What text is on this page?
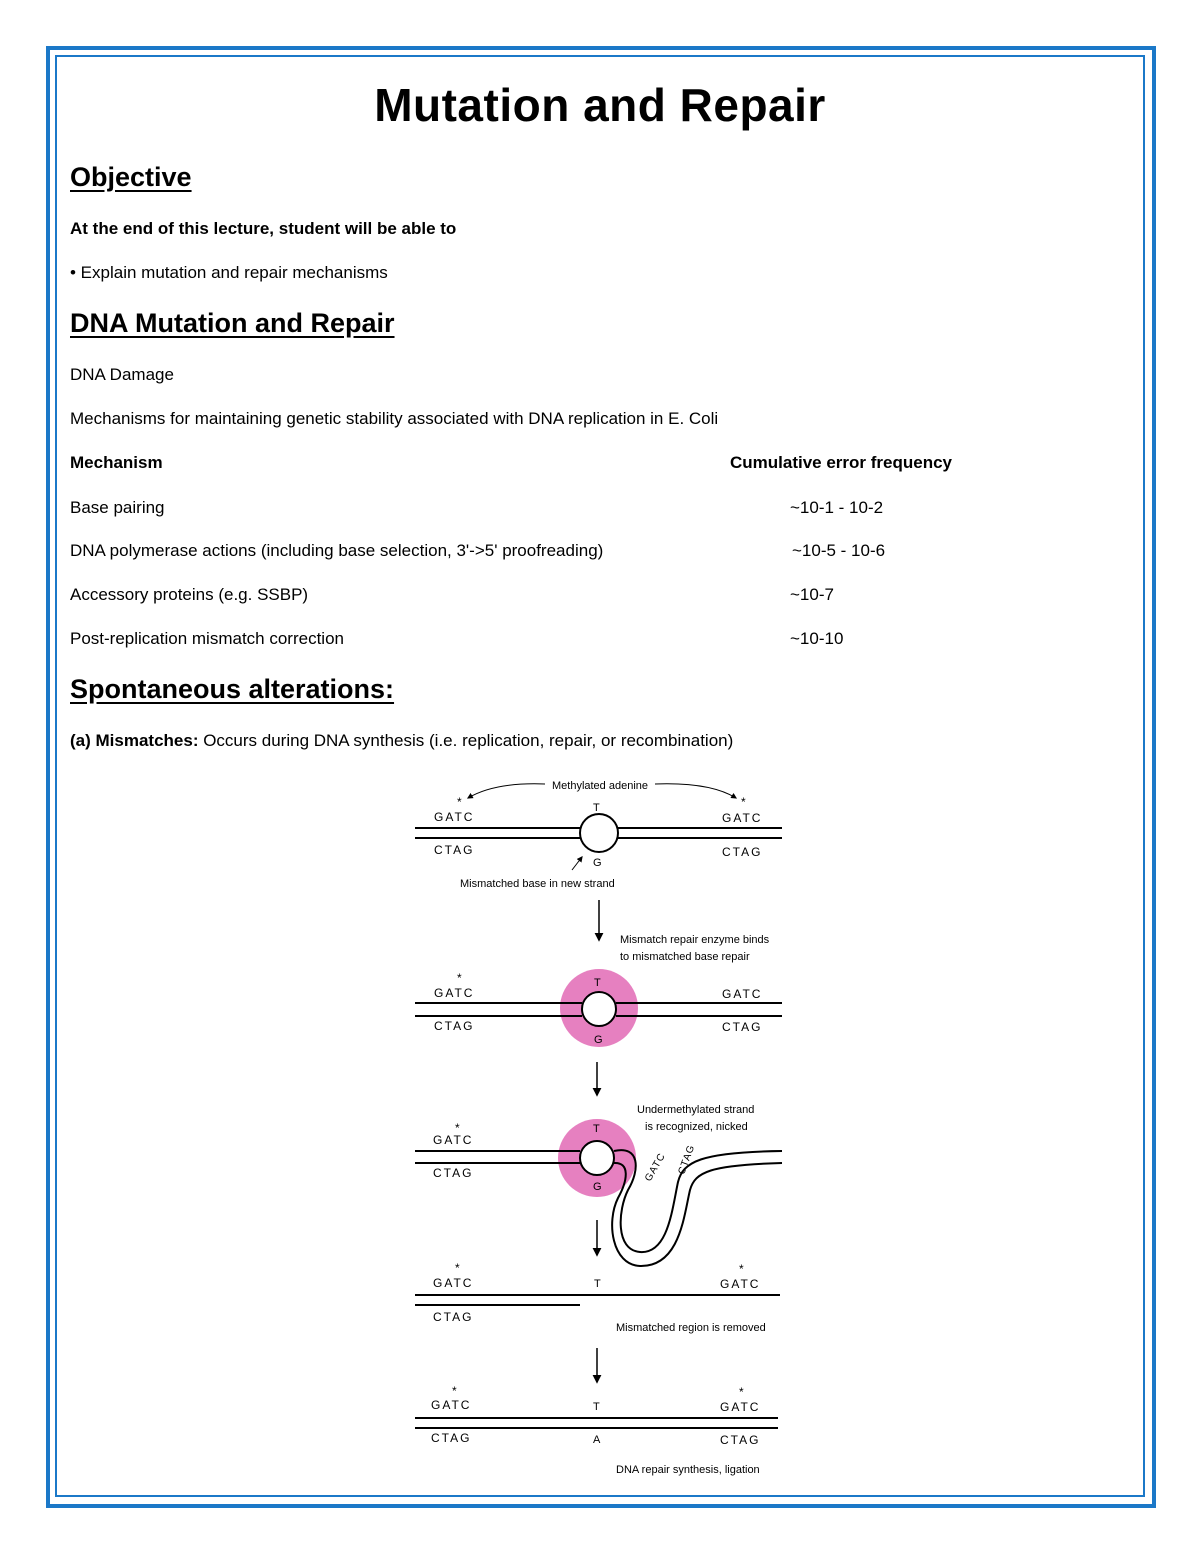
Mutation and Repair
Objective
At the end of this lecture, student will be able to
• Explain mutation and repair mechanisms
DNA Mutation and Repair
DNA Damage
Mechanisms for maintaining genetic stability associated with DNA replication in E. Coli
Mechanism	Cumulative error frequency
Base pairing	~10-1 - 10-2
DNA polymerase actions (including base selection, 3'->5' proofreading)	~10-5 - 10-6
Accessory proteins (e.g. SSBP)	~10-7
Post-replication mismatch correction	~10-10
Spontaneous alterations:
(a) Mismatches: Occurs during DNA synthesis (i.e. replication, repair, or recombination)
Methylated adenine
*	*
GATC	GATC
T
CTAG	CTAG
G
Mismatched base in new strand
Mismatch repair enzyme binds
to mismatched base repair
*
GATC	GATC
T
CTAG	CTAG
G
Undermethylated strand
is recognized, nicked
*
GATC
T
CTAG
G
GATC CTAG
*	*
GATC	GATC
T
CTAG
Mismatched region is removed
*	*
GATC	GATC
T
CTAG	CTAG
A
DNA repair synthesis, ligation
